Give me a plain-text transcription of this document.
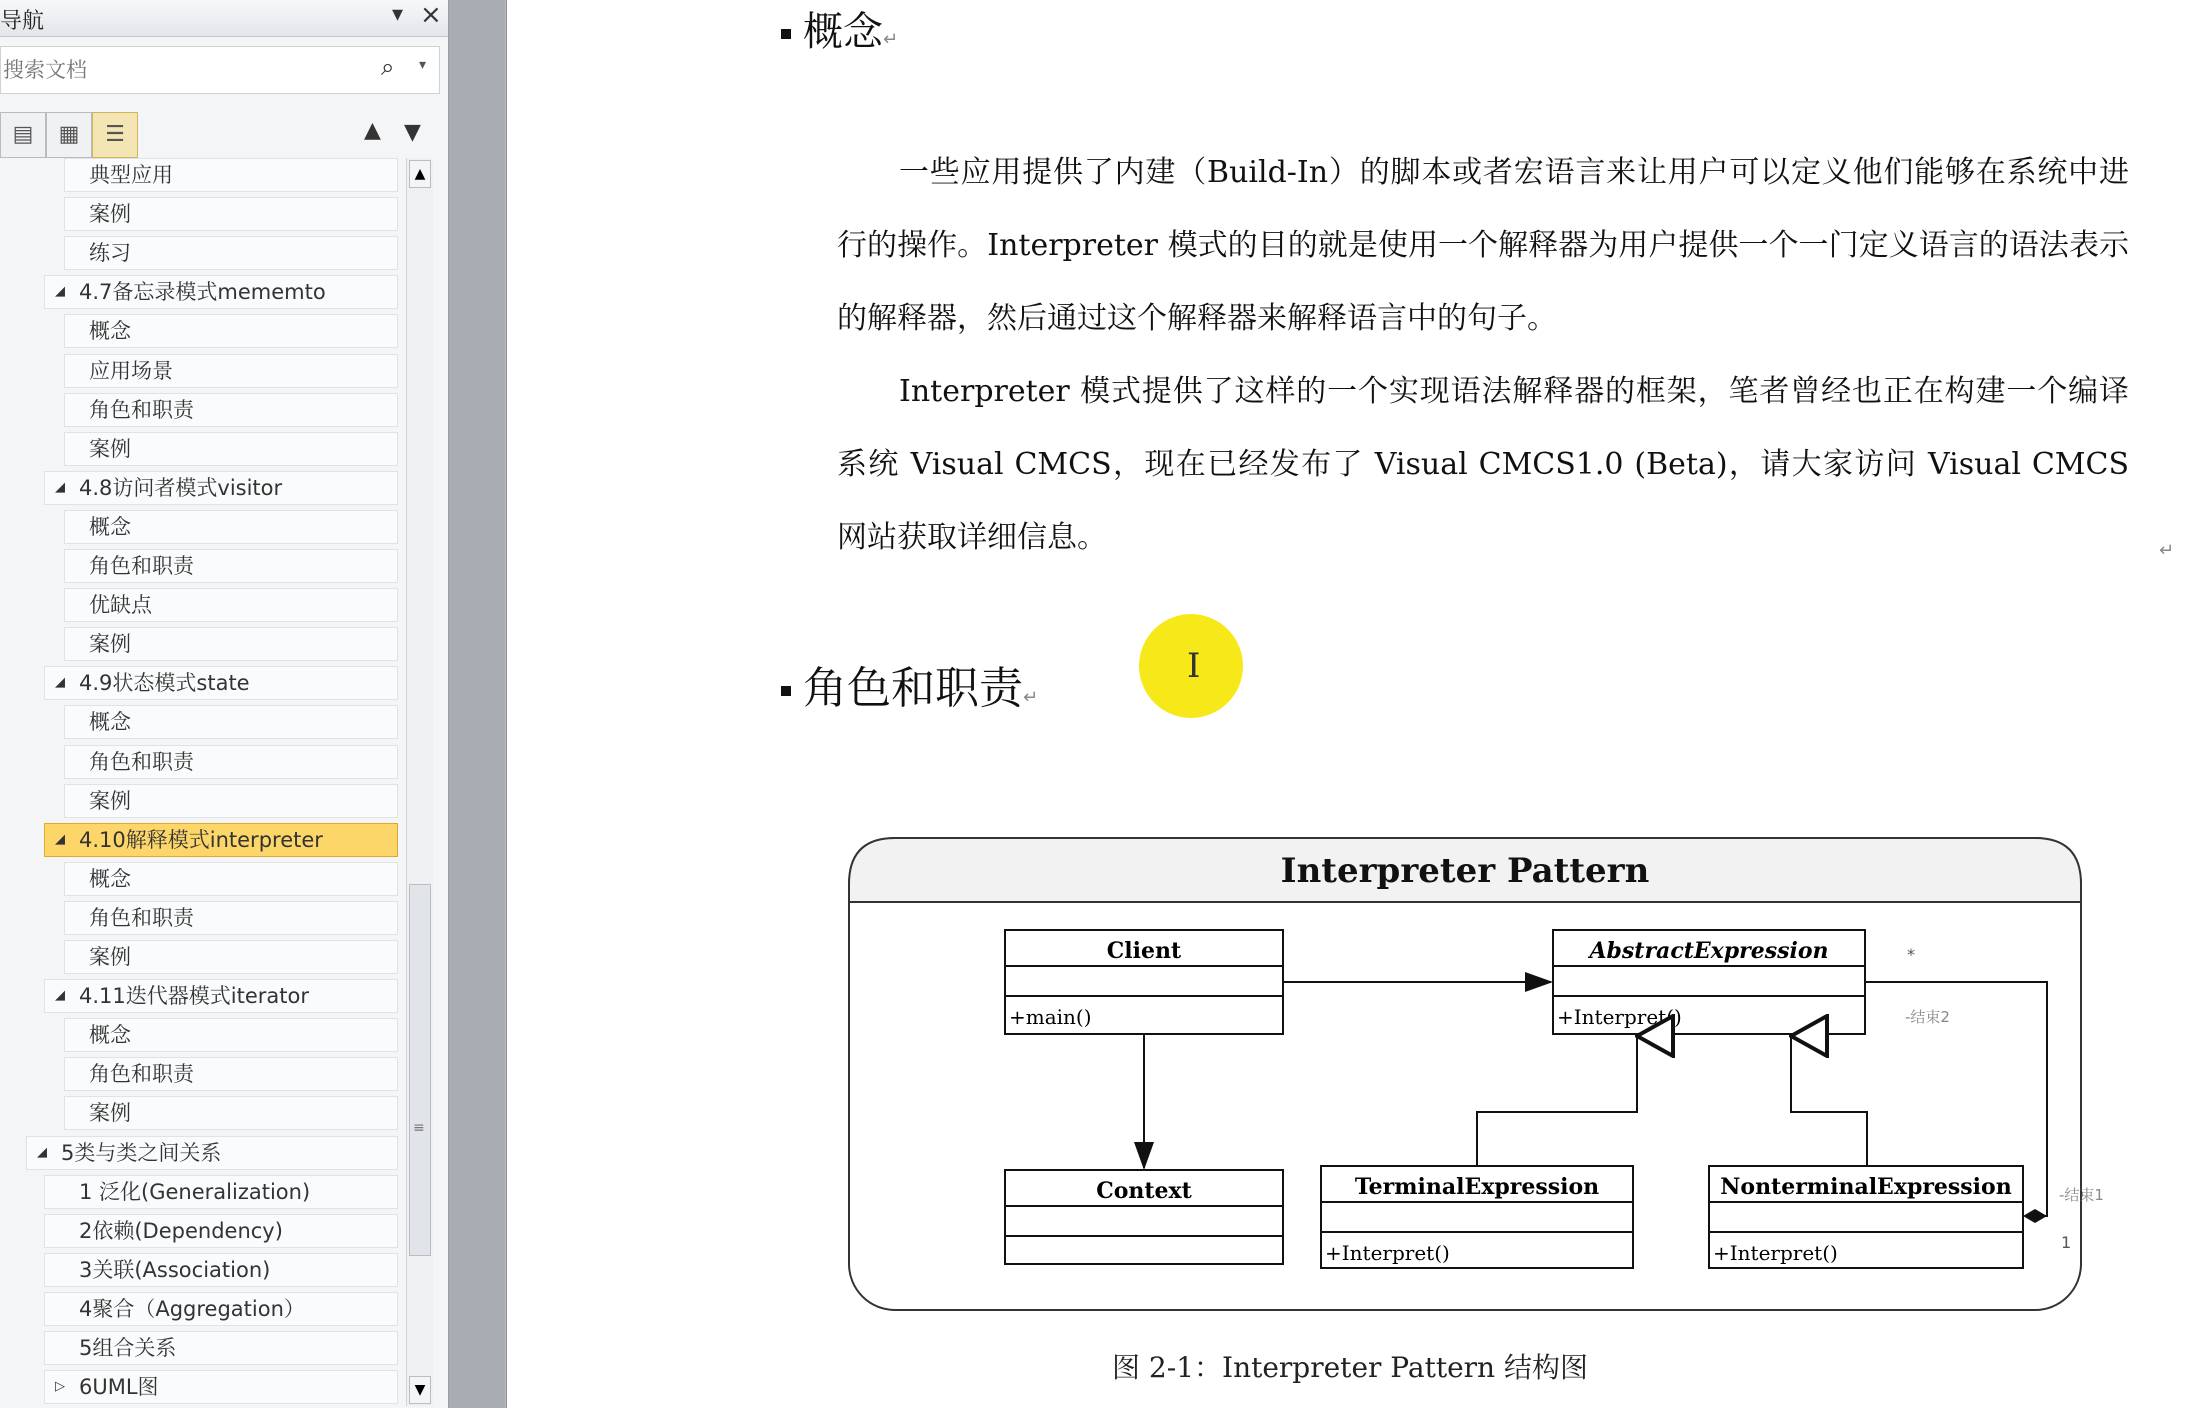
导航	▾ ×
搜索文档
⌕ ▾
▤	▦	☰	▲ ▼
典型应用
案例
练习
◢ 4.7备忘录模式mememto
概念
应用场景
角色和职责
案例
◢ 4.8访问者模式visitor
概念
角色和职责
优缺点
案例
◢ 4.9状态模式state
概念
角色和职责
案例
◢ 4.10解释模式interpreter
概念
角色和职责
案例
◢ 4.11迭代器模式iterator
概念
角色和职责
案例
◢ 5类与类之间关系
1 泛化(Generalization)
2依赖(Dependency)
3关联(Association)
4聚合（Aggregation）
5组合关系
▷ 6UML图
▲
≡
▼
概念↵

一些应用提供了内建（Build-In）的脚本或者宏语言来让用户可以定义他们能够在系统中进行的操作。Interpreter 模式的目的就是使用一个解释器为用户提供一个一门定义语言的语法表示的解释器，然后通过这个解释器来解释语言中的句子。

Interpreter 模式提供了这样的一个实现语法解释器的框架，笔者曾经也正在构建一个编译系统 Visual CMCS，现在已经发布了 Visual CMCS1.0 (Beta)，请大家访问 Visual CMCS 网站获取详细信息。	↵
角色和职责↵
I
Interpreter Pattern
Client
+main()
AbstractExpression
+Interpret()
Context	TerminalExpression
+Interpret()
NonterminalExpression
+Interpret()
*
-结束2
-结束1
1
图 2-1：Interpreter Pattern 结构图
